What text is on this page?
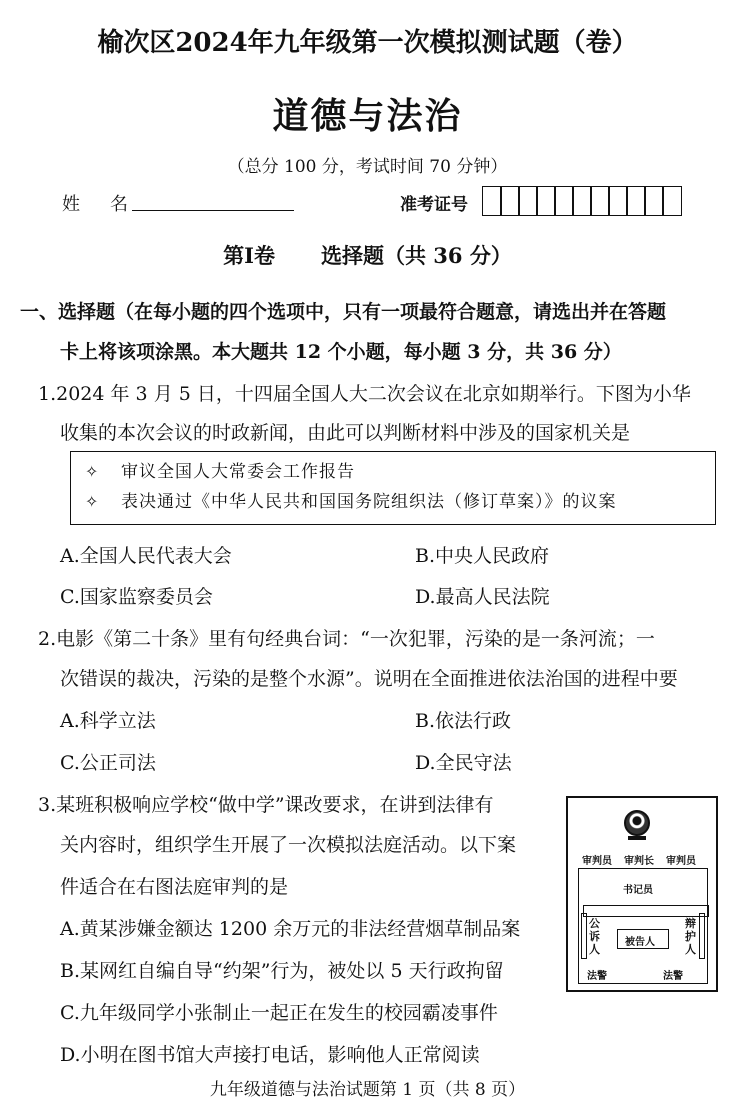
榆次区2024年九年级第一次模拟测试题（卷）
道德与法治
（总分 100 分，考试时间 70 分钟）
姓名	准考证号
第Ⅰ卷 选择题（共 36 分）
一、选择题（在每小题的四个选项中，只有一项最符合题意，请选出并在答题
卡上将该项涂黑。本大题共 12 个小题，每小题 3 分，共 36 分）
1.2024 年 3 月 5 日，十四届全国人大二次会议在北京如期举行。下图为小华
收集的本次会议的时政新闻，由此可以判断材料中涉及的国家机关是
✧ 审议全国人大常委会工作报告
✧ 表决通过《中华人民共和国国务院组织法（修订草案）》的议案
A.全国人民代表大会	B.中央人民政府
C.国家监察委员会	D.最高人民法院
2.电影《第二十条》里有句经典台词：“一次犯罪，污染的是一条河流；一
次错误的裁决，污染的是整个水源”。说明在全面推进依法治国的进程中要
A.科学立法	B.依法行政
C.公正司法	D.全民守法
3.某班积极响应学校“做中学”课改要求，在讲到法律有
关内容时，组织学生开展了一次模拟法庭活动。以下案
件适合在右图法庭审判的是
A.黄某涉嫌金额达 1200 余万元的非法经营烟草制品案
B.某网红自编自导“约架”行为，被处以 5 天行政拘留
C.九年级同学小张制止一起正在发生的校园霸凌事件
D.小明在图书馆大声接打电话，影响他人正常阅读
审判员 审判长 审判员
书记员
公诉人
辩护人
被告人
法警	法警
九年级道德与法治试题第 1 页（共 8 页）
